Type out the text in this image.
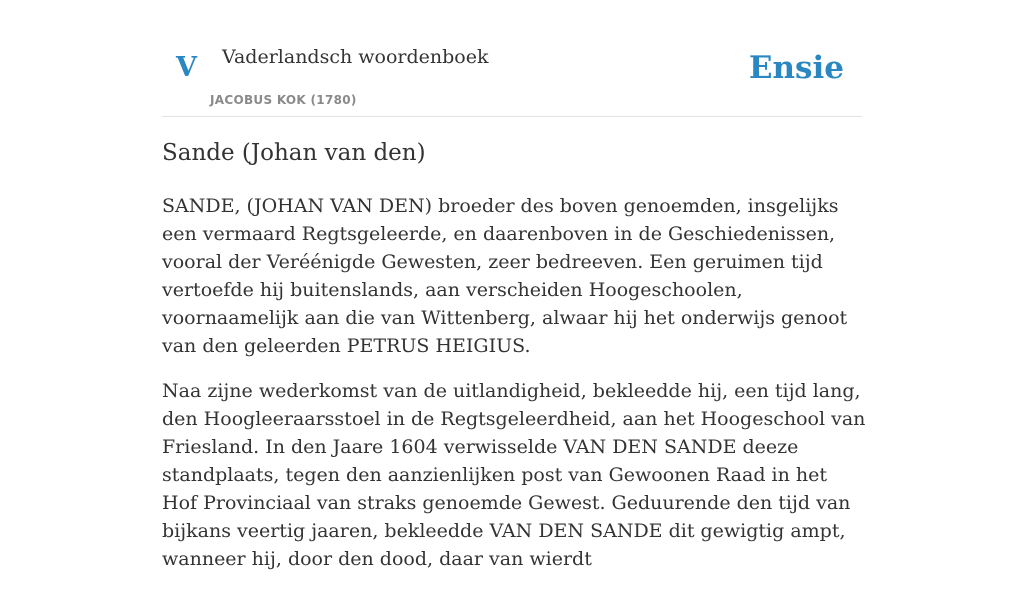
V Vaderlandsch woordenboek
JACOBUS KOK (1780)
Ensie
Sande (Johan van den)

SANDE, (JOHAN VAN DEN) broeder des boven genoemden, insgelijks een vermaard Regtsgeleerde, en daarenboven in de Geschiedenissen, vooral der Veréénigde Gewesten, zeer bedreeven. Een geruimen tijd vertoefde hij buitenslands, aan verscheiden Hoogeschoolen, voornaamelijk aan die van Wittenberg, alwaar hij het onderwijs genoot van den geleerden PETRUS HEIGIUS.

Naa zijne wederkomst van de uitlandigheid, bekleedde hij, een tijd lang, den Hoogleeraarsstoel in de Regtsgeleerdheid, aan het Hoogeschool van Friesland. In den Jaare 1604 verwisselde VAN DEN SANDE deeze standplaats, tegen den aanzienlijken post van Gewoonen Raad in het Hof Provinciaal van straks genoemde Gewest. Geduurende den tijd van bijkans veertig jaaren, bekleedde VAN DEN SANDE dit gewigtig ampt, wanneer hij, door den dood, daar van wierdt
